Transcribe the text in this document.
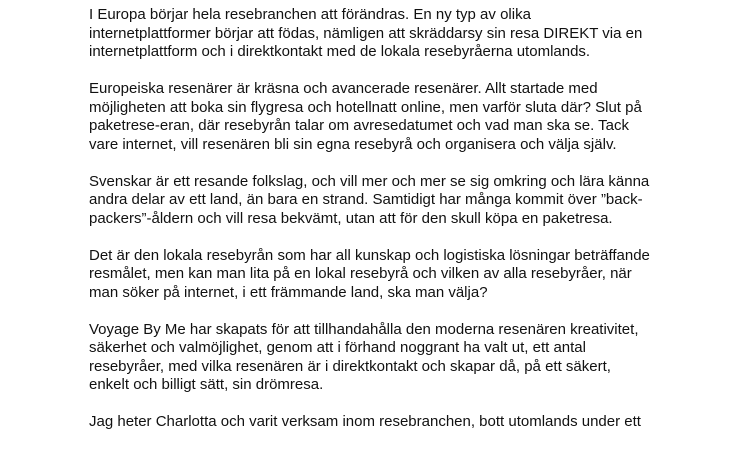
I Europa börjar hela resebranchen att förändras. En ny typ av olika
internetplattformer börjar att födas, nämligen att skräddarsy sin resa DIREKT via en
internetplattform och i direktkontakt med de lokala resebyråerna utomlands.

Europeiska resenärer är kräsna och avancerade resenärer. Allt startade med
möjligheten att boka sin flygresa och hotellnatt online, men varför sluta där? Slut på
paketrese-eran, där resebyrån talar om avresedatumet och vad man ska se. Tack
vare internet, vill resenären bli sin egna resebyrå och organisera och välja själv.

Svenskar är ett resande folkslag, och vill mer och mer se sig omkring och lära känna
andra delar av ett land, än bara en strand. Samtidigt har många kommit över ”back-
packers”-åldern och vill resa bekvämt, utan att för den skull köpa en paketresa.

Det är den lokala resebyrån som har all kunskap och logistiska lösningar beträffande
resmålet, men kan man lita på en lokal resebyrå och vilken av alla resebyråer, när
man söker på internet, i ett främmande land, ska man välja?

Voyage By Me har skapats för att tillhandahålla den moderna resenären kreativitet,
säkerhet och valmöjlighet, genom att i förhand noggrant ha valt ut, ett antal
resebyråer, med vilka resenären är i direktkontakt och skapar då, på ett säkert,
enkelt och billigt sätt, sin drömresa.

Jag heter Charlotta och varit verksam inom resebranchen, bott utomlands under ett
